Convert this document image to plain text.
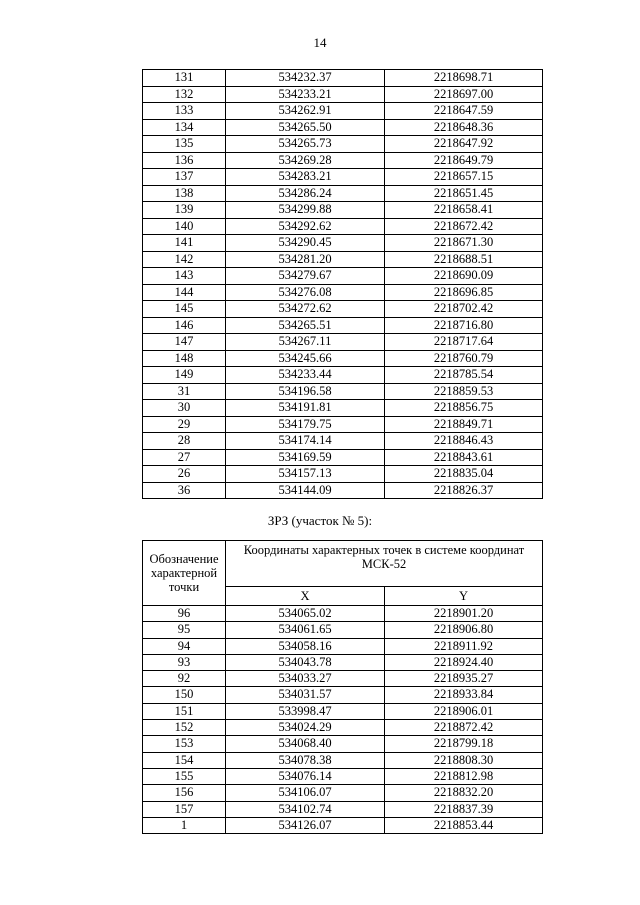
14
131	534232.37	2218698.71
132	534233.21	2218697.00
133	534262.91	2218647.59
134	534265.50	2218648.36
135	534265.73	2218647.92
136	534269.28	2218649.79
137	534283.21	2218657.15
138	534286.24	2218651.45
139	534299.88	2218658.41
140	534292.62	2218672.42
141	534290.45	2218671.30
142	534281.20	2218688.51
143	534279.67	2218690.09
144	534276.08	2218696.85
145	534272.62	2218702.42
146	534265.51	2218716.80
147	534267.11	2218717.64
148	534245.66	2218760.79
149	534233.44	2218785.54
31	534196.58	2218859.53
30	534191.81	2218856.75
29	534179.75	2218849.71
28	534174.14	2218846.43
27	534169.59	2218843.61
26	534157.13	2218835.04
36	534144.09	2218826.37
ЗРЗ (участок № 5):
Обозначение характерной точки	Координаты характерных точек в системе координат МСК-52	
	X	Y
96	534065.02	2218901.20
95	534061.65	2218906.80
94	534058.16	2218911.92
93	534043.78	2218924.40
92	534033.27	2218935.27
150	534031.57	2218933.84
151	533998.47	2218906.01
152	534024.29	2218872.42
153	534068.40	2218799.18
154	534078.38	2218808.30
155	534076.14	2218812.98
156	534106.07	2218832.20
157	534102.74	2218837.39
1	534126.07	2218853.44
